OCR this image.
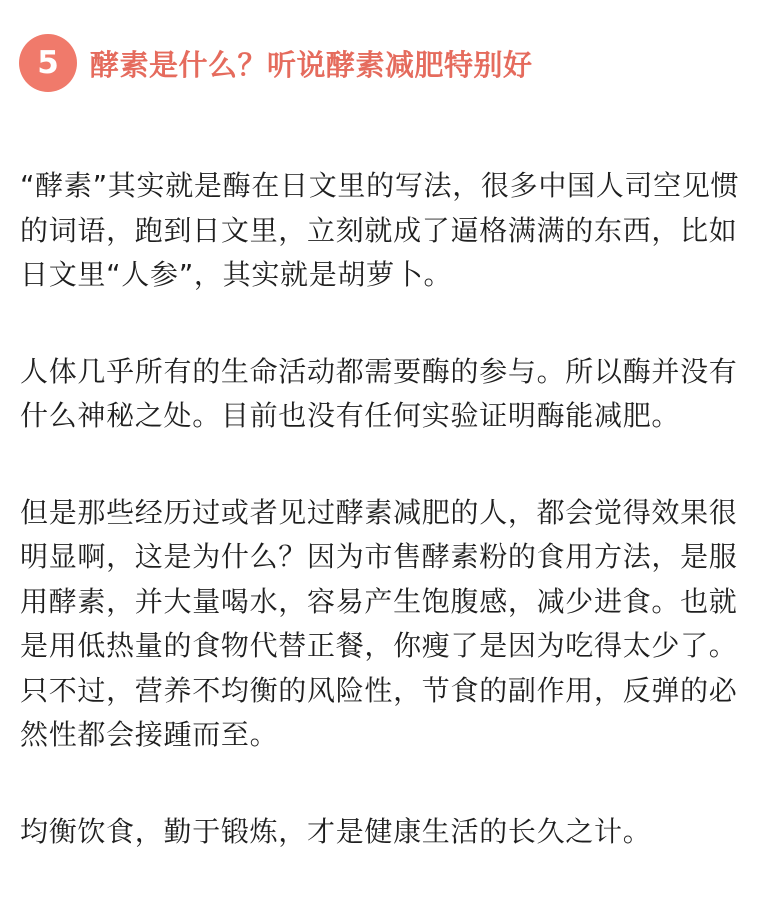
5	酵素是什么？听说酵素减肥特别好

“酵素”其实就是酶在日文里的写法，很多中国人司空见惯的词语，跑到日文里，立刻就成了逼格满满的东西，比如日文里“人参”，其实就是胡萝卜。

人体几乎所有的生命活动都需要酶的参与。所以酶并没有什么神秘之处。目前也没有任何实验证明酶能减肥。

但是那些经历过或者见过酵素减肥的人，都会觉得效果很明显啊，这是为什么？因为市售酵素粉的食用方法，是服用酵素，并大量喝水，容易产生饱腹感，减少进食。也就是用低热量的食物代替正餐，你瘦了是因为吃得太少了。只不过，营养不均衡的风险性，节食的副作用，反弹的必然性都会接踵而至。

均衡饮食，勤于锻炼，才是健康生活的长久之计。
